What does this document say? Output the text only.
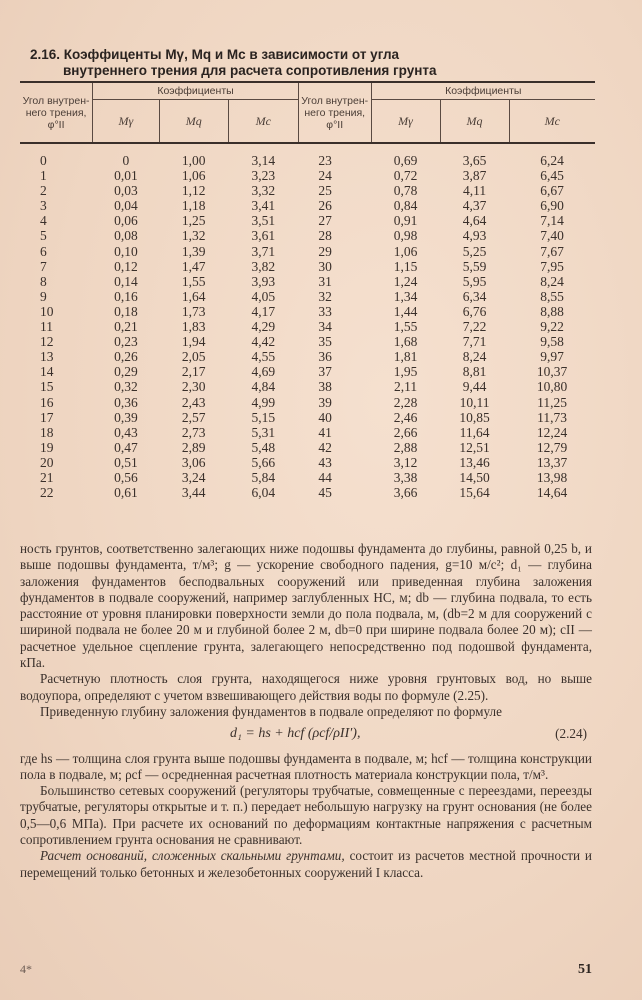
2.16. Коэффиценты Mγ, Mq и Mc в зависимости от угла
внутреннего трения для расчета сопротивления грунта
Угол внутрен-него трения, φ°II	Коэффициенты			Угол внутрен-него трения, φ°II	Коэффициенты		
	Mγ	Mq	Mc		Mγ	Mq	Mc
0	0	1,00	3,14	23	0,69	3,65	6,24
1	0,01	1,06	3,23	24	0,72	3,87	6,45
2	0,03	1,12	3,32	25	0,78	4,11	6,67
3	0,04	1,18	3,41	26	0,84	4,37	6,90
4	0,06	1,25	3,51	27	0,91	4,64	7,14
5	0,08	1,32	3,61	28	0,98	4,93	7,40
6	0,10	1,39	3,71	29	1,06	5,25	7,67
7	0,12	1,47	3,82	30	1,15	5,59	7,95
8	0,14	1,55	3,93	31	1,24	5,95	8,24
9	0,16	1,64	4,05	32	1,34	6,34	8,55
10	0,18	1,73	4,17	33	1,44	6,76	8,88
11	0,21	1,83	4,29	34	1,55	7,22	9,22
12	0,23	1,94	4,42	35	1,68	7,71	9,58
13	0,26	2,05	4,55	36	1,81	8,24	9,97
14	0,29	2,17	4,69	37	1,95	8,81	10,37
15	0,32	2,30	4,84	38	2,11	9,44	10,80
16	0,36	2,43	4,99	39	2,28	10,11	11,25
17	0,39	2,57	5,15	40	2,46	10,85	11,73
18	0,43	2,73	5,31	41	2,66	11,64	12,24
19	0,47	2,89	5,48	42	2,88	12,51	12,79
20	0,51	3,06	5,66	43	3,12	13,46	13,37
21	0,56	3,24	5,84	44	3,38	14,50	13,98
22	0,61	3,44	6,04	45	3,66	15,64	14,64

ность грунтов, соответственно залегающих ниже подошвы фундамента до глубины, равной 0,25 b, и выше подошвы фундамента, т/м³; g — ускорение свободного падения, g=10 м/с²; d₁ — глубина заложения фундаментов бесподвальных сооружений или приведенная глубина заложения фундаментов в подвале сооружений, например заглубленных НС, м; db — глубина подвала, то есть расстояние от уровня планировки поверхности земли до пола подвала, м, (db=2 м для сооружений с шириной подвала не более 20 м и глубиной более 2 м, db=0 при ширине подвала более 20 м); cII — расчетное удельное сцепление грунта, залегающего непосредственно под подошвой фундамента, кПа.

Расчетную плотность слоя грунта, находящегося ниже уровня грунтовых вод, но выше водоупора, определяют с учетом взвешивающего действия воды по формуле (2.25).

Приведенную глубину заложения фундаментов в подвале определяют по формуле

d₁ = hs + hcf (ρcf/ρII′),	(2.24)

где hs — толщина слоя грунта выше подошвы фундамента в подвале, м; hcf — толщина конструкции пола в подвале, м; ρcf — осредненная расчетная плотность материала конструкции пола, т/м³.

Большинство сетевых сооружений (регуляторы трубчатые, совмещенные с переездами, переезды трубчатые, регуляторы открытые и т. п.) передает небольшую нагрузку на грунт основания (не более 0,5—0,6 МПа). При расчете их оснований по деформациям контактные напряжения с расчетным сопротивлением грунта основания не сравнивают.

Расчет оснований, сложенных скальными грунтами, состоит из расчетов местной прочности и перемещений только бетонных и железобетонных сооружений I класса.

4*	51
